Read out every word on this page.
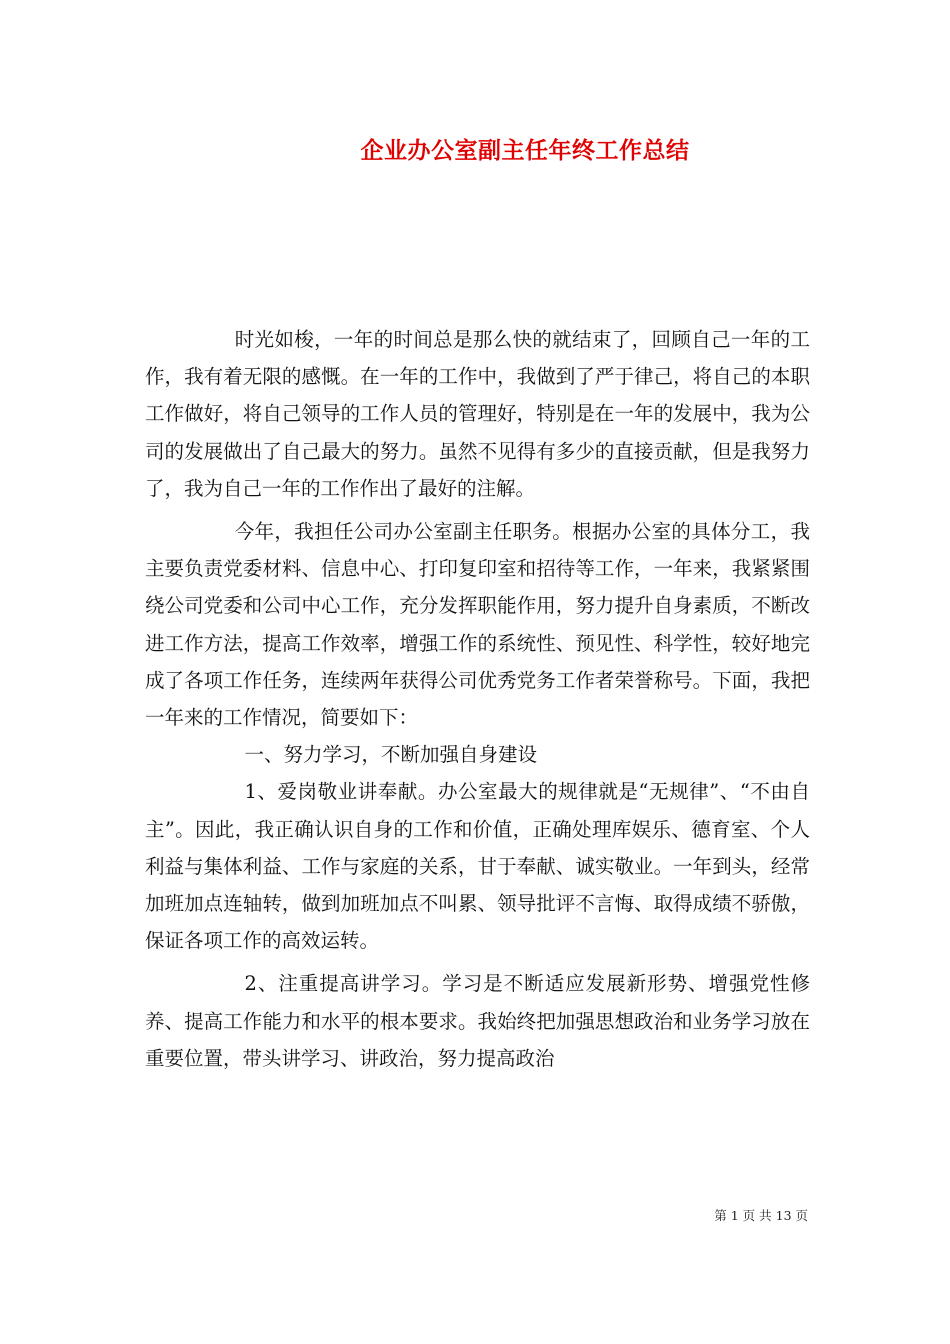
企业办公室副主任年终工作总结

时光如梭，一年的时间总是那么快的就结束了，回顾自己一年的工作，我有着无限的感慨。在一年的工作中，我做到了严于律己，将自己的本职工作做好，将自己领导的工作人员的管理好，特别是在一年的发展中，我为公司的发展做出了自己最大的努力。虽然不见得有多少的直接贡献，但是我努力了，我为自己一年的工作作出了最好的注解。

今年，我担任公司办公室副主任职务。根据办公室的具体分工，我主要负责党委材料、信息中心、打印复印室和招待等工作，一年来，我紧紧围绕公司党委和公司中心工作，充分发挥职能作用，努力提升自身素质，不断改进工作方法，提高工作效率，增强工作的系统性、预见性、科学性，较好地完成了各项工作任务，连续两年获得公司优秀党务工作者荣誉称号。下面，我把一年来的工作情况，简要如下：

一、努力学习，不断加强自身建设

1、爱岗敬业讲奉献。办公室最大的规律就是“无规律”、“不由自主”。因此，我正确认识自身的工作和价值，正确处理库娱乐、德育室、个人利益与集体利益、工作与家庭的关系，甘于奉献、诚实敬业。一年到头，经常加班加点连轴转，做到加班加点不叫累、领导批评不言悔、取得成绩不骄傲，保证各项工作的高效运转。

2、注重提高讲学习。学习是不断适应发展新形势、增强党性修养、提高工作能力和水平的根本要求。我始终把加强思想政治和业务学习放在重要位置，带头讲学习、讲政治，努力提高政治

第 1 页 共 13 页
